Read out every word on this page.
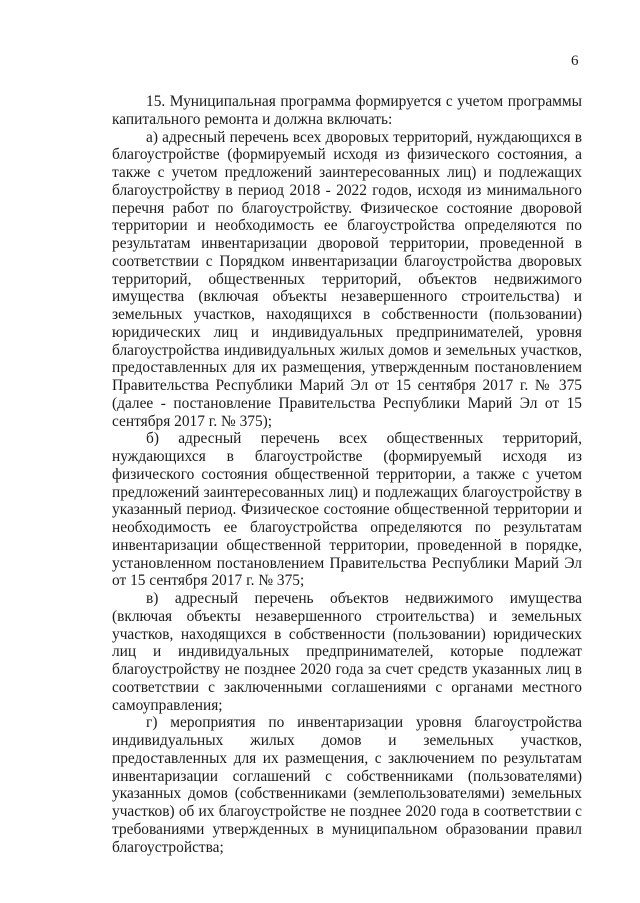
6

15. Муниципальная программа формируется с учетом программы капитального ремонта и должна включать:

а) адресный перечень всех дворовых территорий, нуждающихся в благоустройстве (формируемый исходя из физического состояния, а также с учетом предложений заинтересованных лиц) и подлежащих благоустройству в период 2018 - 2022 годов, исходя из минимального перечня работ по благоустройству. Физическое состояние дворовой территории и необходимость ее благоустройства определяются по результатам инвентаризации дворовой территории, проведенной в соответствии с Порядком инвентаризации благоустройства дворовых территорий, общественных территорий, объектов недвижимого имущества (включая объекты незавершенного строительства) и земельных участков, находящихся в собственности (пользовании) юридических лиц и индивидуальных предпринимателей, уровня благоустройства индивидуальных жилых домов и земельных участков, предоставленных для их размещения, утвержденным постановлением Правительства Республики Марий Эл от 15 сентября 2017 г. № 375 (далее - постановление Правительства Республики Марий Эл от 15 сентября 2017 г. № 375);

б) адресный перечень всех общественных территорий, нуждающихся в благоустройстве (формируемый исходя из физического состояния общественной территории, а также с учетом предложений заинтересованных лиц) и подлежащих благоустройству в указанный период. Физическое состояние общественной территории и необходимость ее благоустройства определяются по результатам инвентаризации общественной территории, проведенной в порядке, установленном постановлением Правительства Республики Марий Эл от 15 сентября 2017 г. № 375;

в) адресный перечень объектов недвижимого имущества (включая объекты незавершенного строительства) и земельных участков, находящихся в собственности (пользовании) юридических лиц и индивидуальных предпринимателей, которые подлежат благоустройству не позднее 2020 года за счет средств указанных лиц в соответствии с заключенными соглашениями с органами местного самоуправления;

г) мероприятия по инвентаризации уровня благоустройства индивидуальных жилых домов и земельных участков, предоставленных для их размещения, с заключением по результатам инвентаризации соглашений с собственниками (пользователями) указанных домов (собственниками (землепользователями) земельных участков) об их благоустройстве не позднее 2020 года в соответствии с требованиями утвержденных в муниципальном образовании правил благоустройства;
